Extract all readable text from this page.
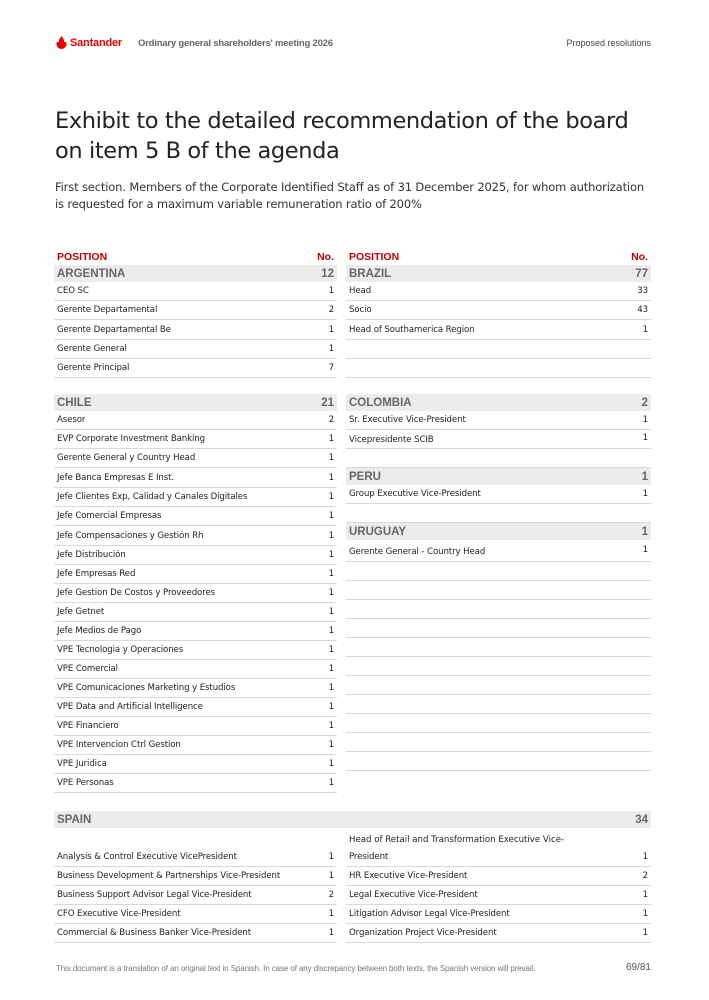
Santander Ordinary general shareholders' meeting 2026	Proposed resolutions
Exhibit to the detailed recommendation of the board on item 5 B of the agenda
First section. Members of the Corporate Identified Staff as of 31 December 2025, for whom authorization is requested for a maximum variable remuneration ratio of 200%
POSITION	No.
ARGENTINA	12
CEO SC	1
Gerente Departamental	2
Gerente Departamental Be	1
Gerente General	1
Gerente Principal	7
POSITION	No.
BRAZIL	77
Head	33
Socio	43
Head of Southamerica Region	1
CHILE	21
Asesor	2
EVP Corporate Investment Banking	1
Gerente General y Country Head	1
Jefe Banca Empresas E Inst.	1
Jefe Clientes Exp, Calidad y Canales Digitales	1
Jefe Comercial Empresas	1
Jefe Compensaciones y Gestión Rh	1
Jefe Distribución	1
Jefe Empresas Red	1
Jefe Gestion De Costos y Proveedores	1
Jefe Getnet	1
Jefe Medios de Pago	1
VPE Tecnologia y Operaciones	1
VPE Comercial	1
VPE Comunicaciones Marketing y Estudios	1
VPE Data and Artificial Intelligence	1
VPE Financiero	1
VPE Intervencion Ctrl Gestion	1
VPE Juridica	1
VPE Personas	1
COLOMBIA	2
Sr. Executive Vice-President	1
Vicepresidente SCIB	1
PERU	1
Group Executive Vice-President	1
URUGUAY	1
Gerente General - Country Head	1
SPAIN	34
Analysis & Control Executive VicePresident	1
Business Development & Partnerships Vice-President	1
Business Support Advisor Legal Vice-President	2
CFO Executive Vice-President	1
Commercial & Business Banker Vice-President	1
Head of Retail and Transformation Executive Vice-
President	1
HR Executive Vice-President	2
Legal Executive Vice-President	1
Litigation Advisor Legal Vice-President	1
Organization Project Vice-President	1
This document is a translation of an original text in Spanish. In case of any discrepancy between both texts, the Spanish version will prevail.	69/81
